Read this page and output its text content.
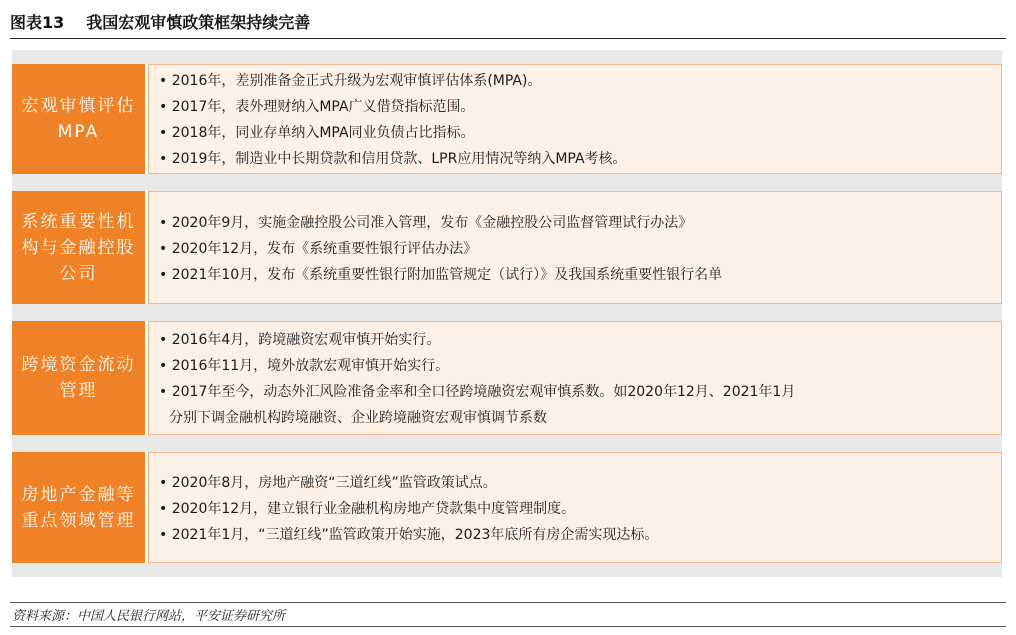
图表13 我国宏观审慎政策框架持续完善
宏观审慎评估MPA
• 2016年，差别准备金正式升级为宏观审慎评估体系(MPA)。
• 2017年，表外理财纳入MPA广义借贷指标范围。
• 2018年，同业存单纳入MPA同业负债占比指标。
• 2019年，制造业中长期贷款和信用贷款、LPR应用情况等纳入MPA考核。
系统重要性机构与金融控股公司
• 2020年9月，实施金融控股公司准入管理，发布《金融控股公司监督管理试行办法》
• 2020年12月，发布《系统重要性银行评估办法》
• 2021年10月，发布《系统重要性银行附加监管规定（试行）》及我国系统重要性银行名单
跨境资金流动管理
• 2016年4月，跨境融资宏观审慎开始实行。
• 2016年11月，境外放款宏观审慎开始实行。
• 2017年至今，动态外汇风险准备金率和全口径跨境融资宏观审慎系数。如2020年12月、2021年1月
分别下调金融机构跨境融资、企业跨境融资宏观审慎调节系数
房地产金融等重点领域管理
• 2020年8月，房地产融资“三道红线”监管政策试点。
• 2020年12月，建立银行业金融机构房地产贷款集中度管理制度。
• 2021年1月，“三道红线”监管政策开始实施，2023年底所有房企需实现达标。
资料来源：中国人民银行网站，平安证券研究所
